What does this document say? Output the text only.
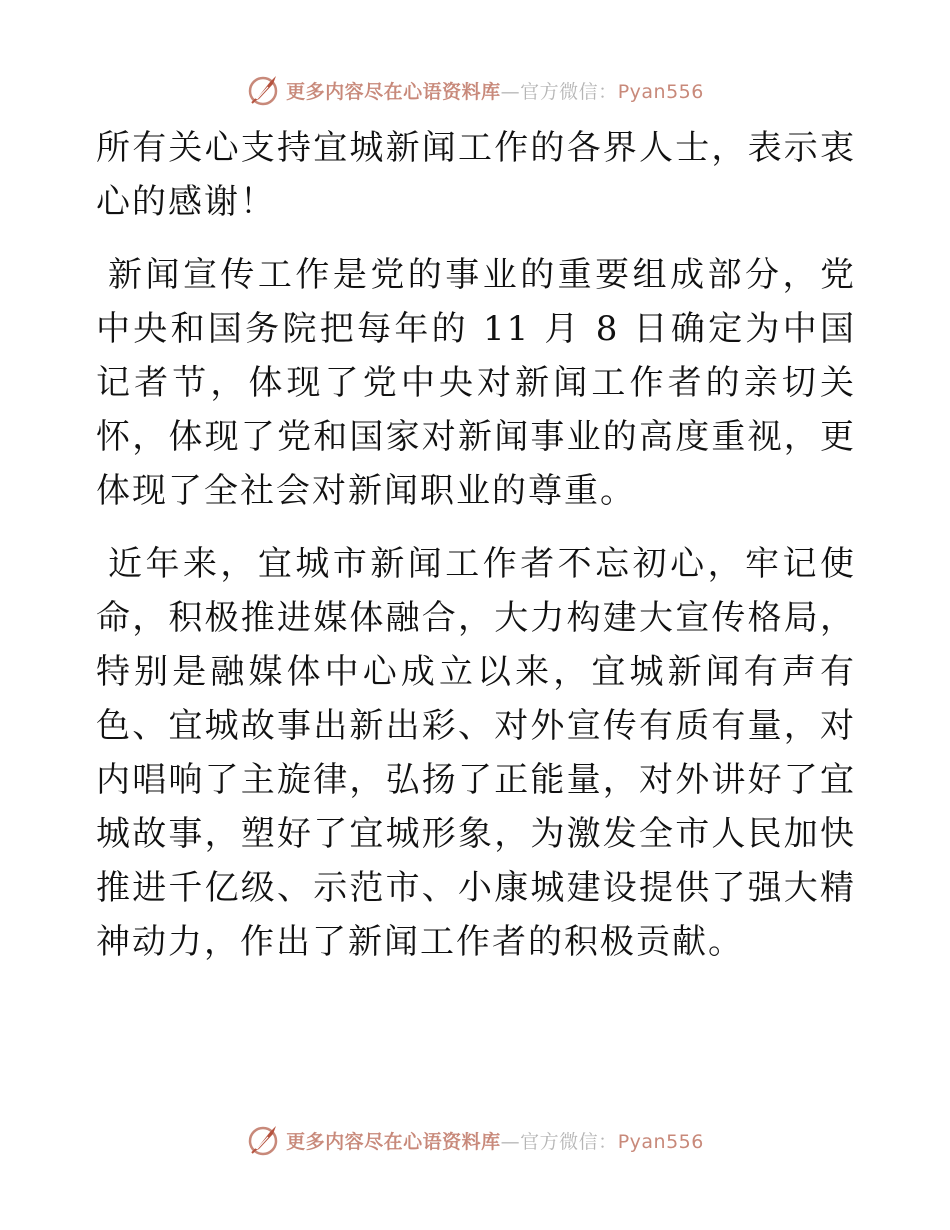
更多内容尽在心语资料库—官方微信：Pyan556

所有关心支持宜城新闻工作的各界人士，表示衷心的感谢！

新闻宣传工作是党的事业的重要组成部分，党中央和国务院把每年的 11 月 8 日确定为中国记者节，体现了党中央对新闻工作者的亲切关怀，体现了党和国家对新闻事业的高度重视，更体现了全社会对新闻职业的尊重。

近年来，宜城市新闻工作者不忘初心，牢记使命，积极推进媒体融合，大力构建大宣传格局，特别是融媒体中心成立以来，宜城新闻有声有色、宜城故事出新出彩、对外宣传有质有量，对内唱响了主旋律，弘扬了正能量，对外讲好了宜城故事，塑好了宜城形象，为激发全市人民加快推进千亿级、示范市、小康城建设提供了强大精神动力，作出了新闻工作者的积极贡献。

更多内容尽在心语资料库—官方微信：Pyan556
